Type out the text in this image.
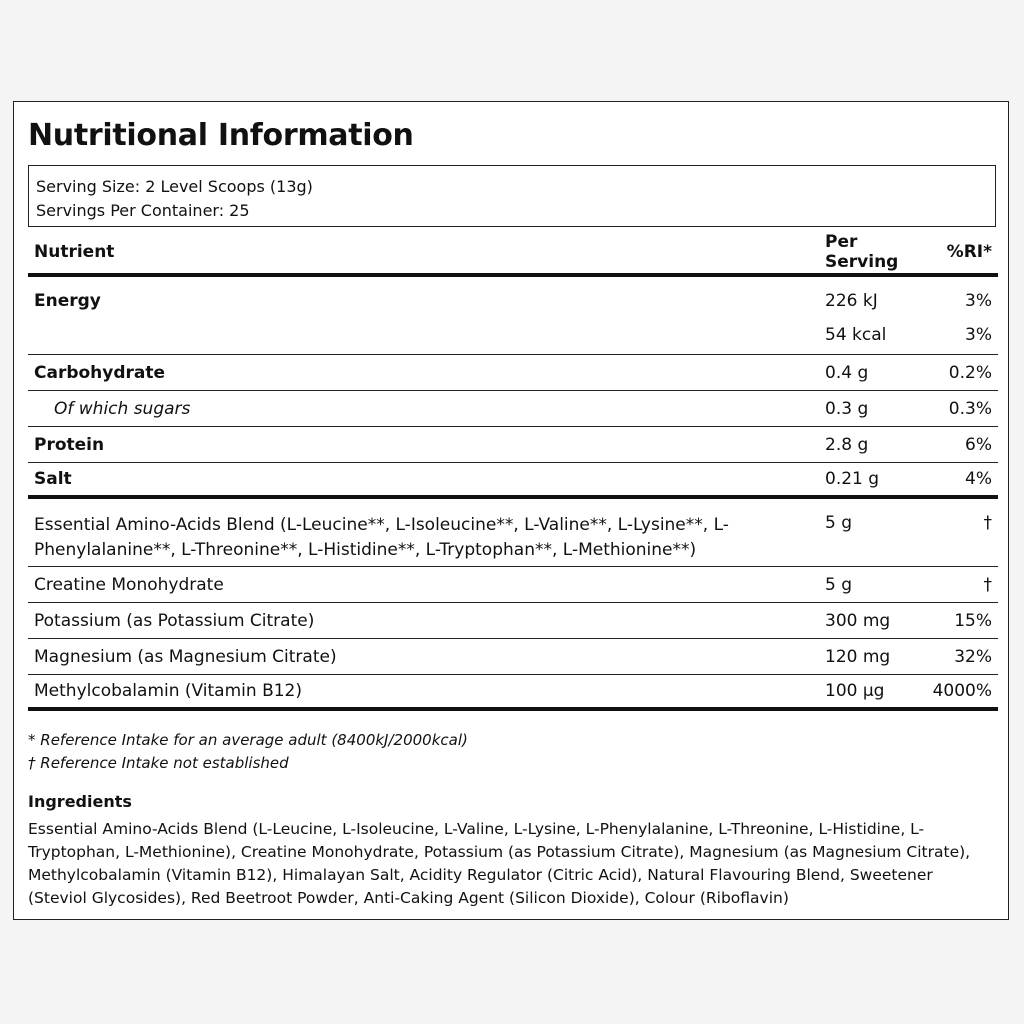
Nutritional Information
Serving Size: 2 Level Scoops (13g)
Servings Per Container: 25
Nutrient	Per Serving	%RI*
Energy	226 kJ	3%
54 kcal	3%
Carbohydrate	0.4 g	0.2%
Of which sugars	0.3 g	0.3%
Protein	2.8 g	6%
Salt	0.21 g	4%
Essential Amino-Acids Blend (L-Leucine**, L-Isoleucine**, L-Valine**, L-Lysine**, L-Phenylalanine**, L-Threonine**, L-Histidine**, L-Tryptophan**, L-Methionine**)
5 g	†
Creatine Monohydrate	5 g	†
Potassium (as Potassium Citrate)	300 mg	15%
Magnesium (as Magnesium Citrate)	120 mg	32%
Methylcobalamin (Vitamin B12)	100 µg	4000%
* Reference Intake for an average adult (8400kJ/2000kcal)
† Reference Intake not established
Ingredients
Essential Amino-Acids Blend (L-Leucine, L-Isoleucine, L-Valine, L-Lysine, L-Phenylalanine, L-Threonine, L-Histidine, L-Tryptophan, L-Methionine), Creatine Monohydrate, Potassium (as Potassium Citrate), Magnesium (as Magnesium Citrate), Methylcobalamin (Vitamin B12), Himalayan Salt, Acidity Regulator (Citric Acid), Natural Flavouring Blend, Sweetener (Steviol Glycosides), Red Beetroot Powder, Anti-Caking Agent (Silicon Dioxide), Colour (Riboflavin)
